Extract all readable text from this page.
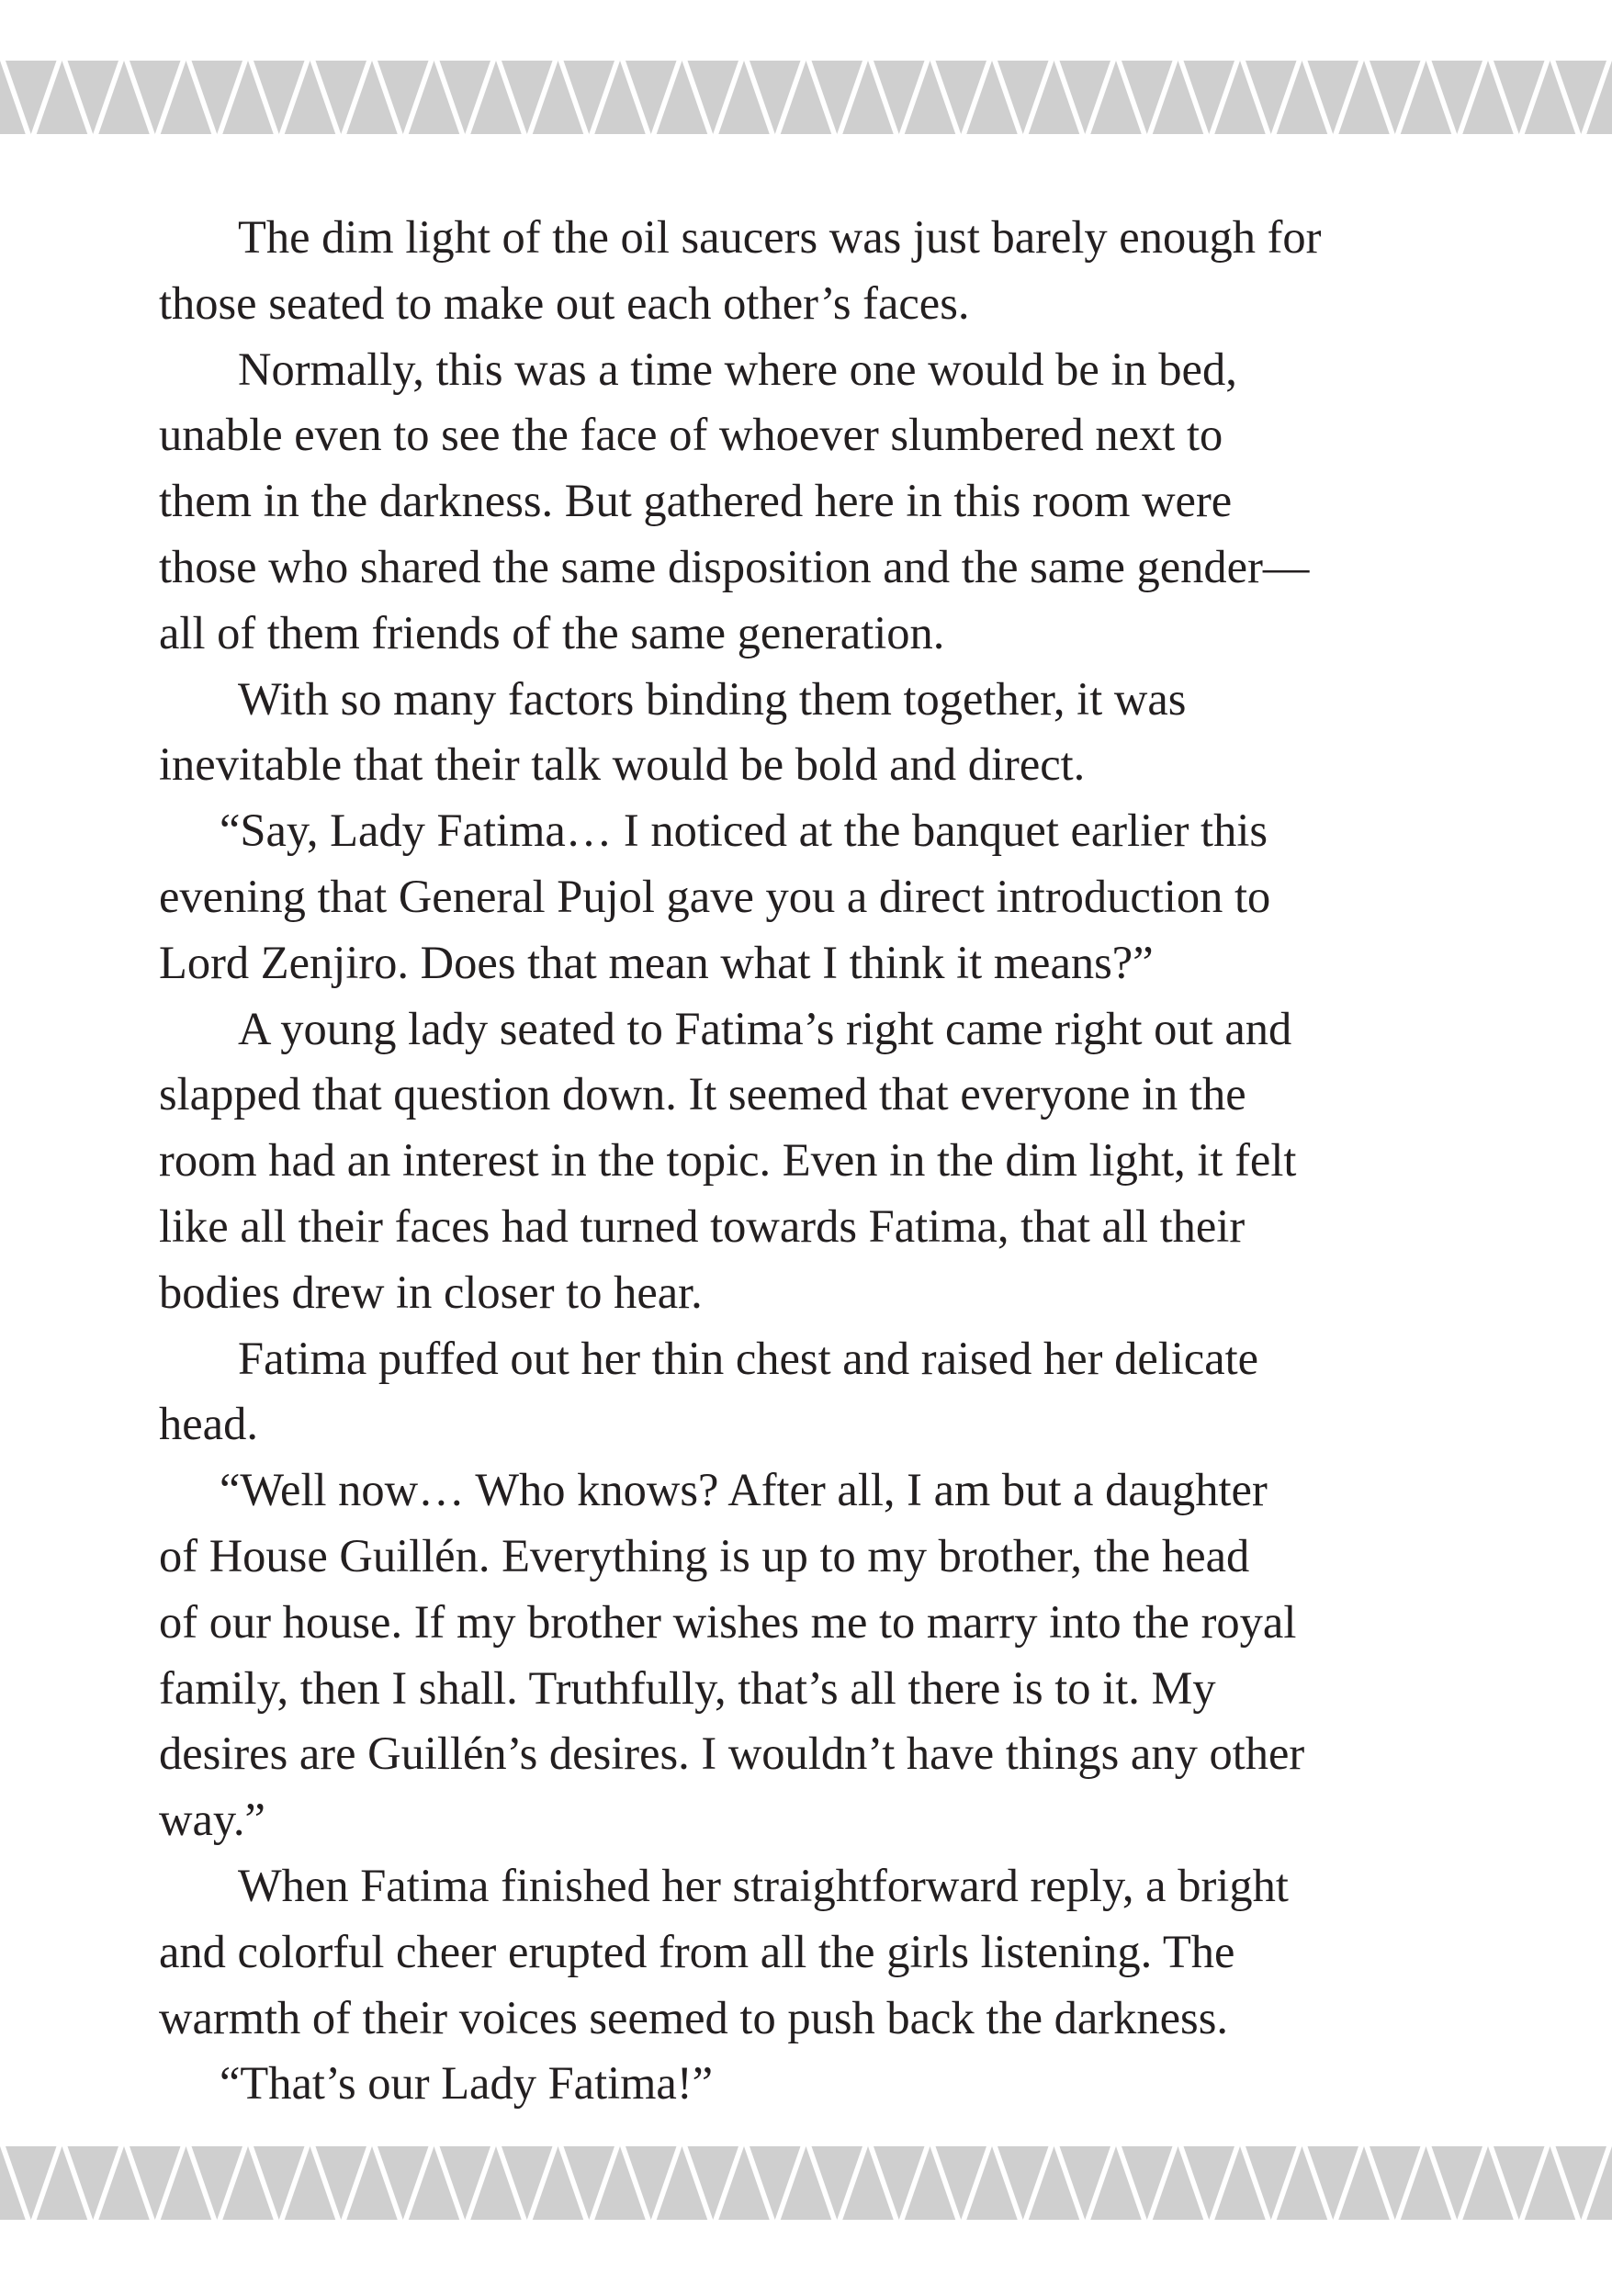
The dim light of the oil saucers was just barely enough for
those seated to make out each other’s faces.
Normally, this was a time where one would be in bed,
unable even to see the face of whoever slumbered next to
them in the darkness. But gathered here in this room were
those who shared the same disposition and the same gender—
all of them friends of the same generation.
With so many factors binding them together, it was
inevitable that their talk would be bold and direct.
“Say, Lady Fatima… I noticed at the banquet earlier this
evening that General Pujol gave you a direct introduction to
Lord Zenjiro. Does that mean what I think it means?”
A young lady seated to Fatima’s right came right out and
slapped that question down. It seemed that everyone in the
room had an interest in the topic. Even in the dim light, it felt
like all their faces had turned towards Fatima, that all their
bodies drew in closer to hear.
Fatima puffed out her thin chest and raised her delicate
head.
“Well now… Who knows? After all, I am but a daughter
of House Guillén. Everything is up to my brother, the head
of our house. If my brother wishes me to marry into the royal
family, then I shall. Truthfully, that’s all there is to it. My
desires are Guillén’s desires. I wouldn’t have things any other
way.”
When Fatima finished her straightforward reply, a bright
and colorful cheer erupted from all the girls listening. The
warmth of their voices seemed to push back the darkness.
“That’s our Lady Fatima!”
